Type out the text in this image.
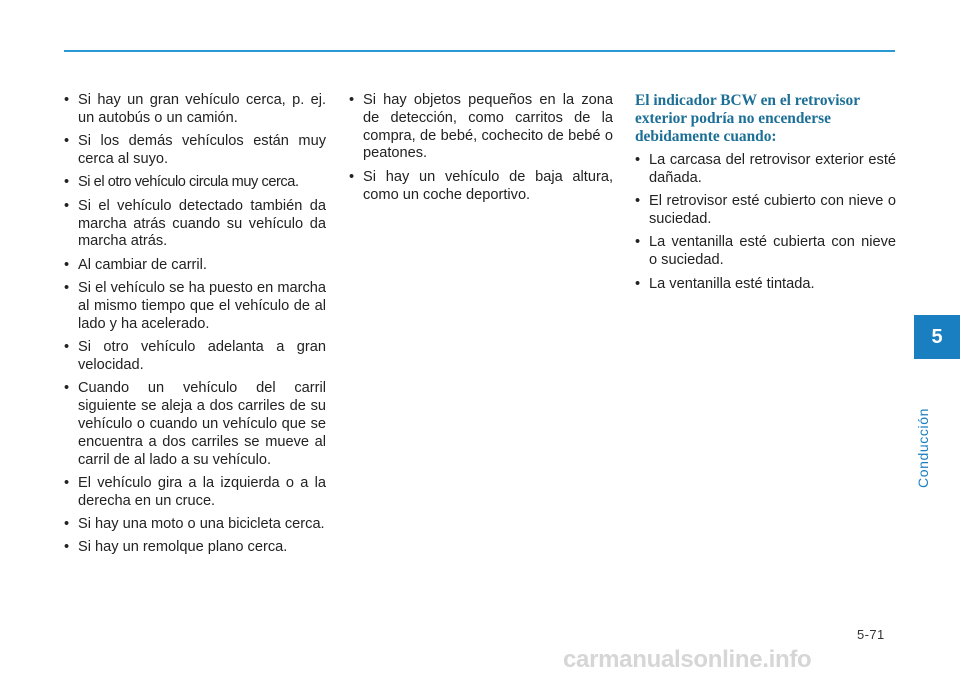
• Si hay un gran vehículo cerca, p. ej. un autobús o un camión.
• Si los demás vehículos están muy cerca al suyo.
• Si el otro vehículo circula muy cerca.
• Si el vehículo detectado también da marcha atrás cuando su vehículo da marcha atrás.
• Al cambiar de carril.
• Si el vehículo se ha puesto en marcha al mismo tiempo que el vehículo de al lado y ha acelerado.
• Si otro vehículo adelanta a gran velocidad.
• Cuando un vehículo del carril siguiente se aleja a dos carriles de su vehículo o cuando un vehículo que se encuentra a dos carriles se mueve al carril de al lado a su vehículo.
• El vehículo gira a la izquierda o a la derecha en un cruce.
• Si hay una moto o una bicicleta cerca.
• Si hay un remolque plano cerca.
• Si hay objetos pequeños en la zona de detección, como carritos de la compra, de bebé, cochecito de bebé o peatones.
• Si hay un vehículo de baja altura, como un coche deportivo.
El indicador BCW en el retrovisor exterior podría no encenderse debidamente cuando:
• La carcasa del retrovisor exterior esté dañada.
• El retrovisor esté cubierto con nieve o suciedad.
• La ventanilla esté cubierta con nieve o suciedad.
• La ventanilla esté tintada.
5
Conducción
5-71
carmanualsonline.info
